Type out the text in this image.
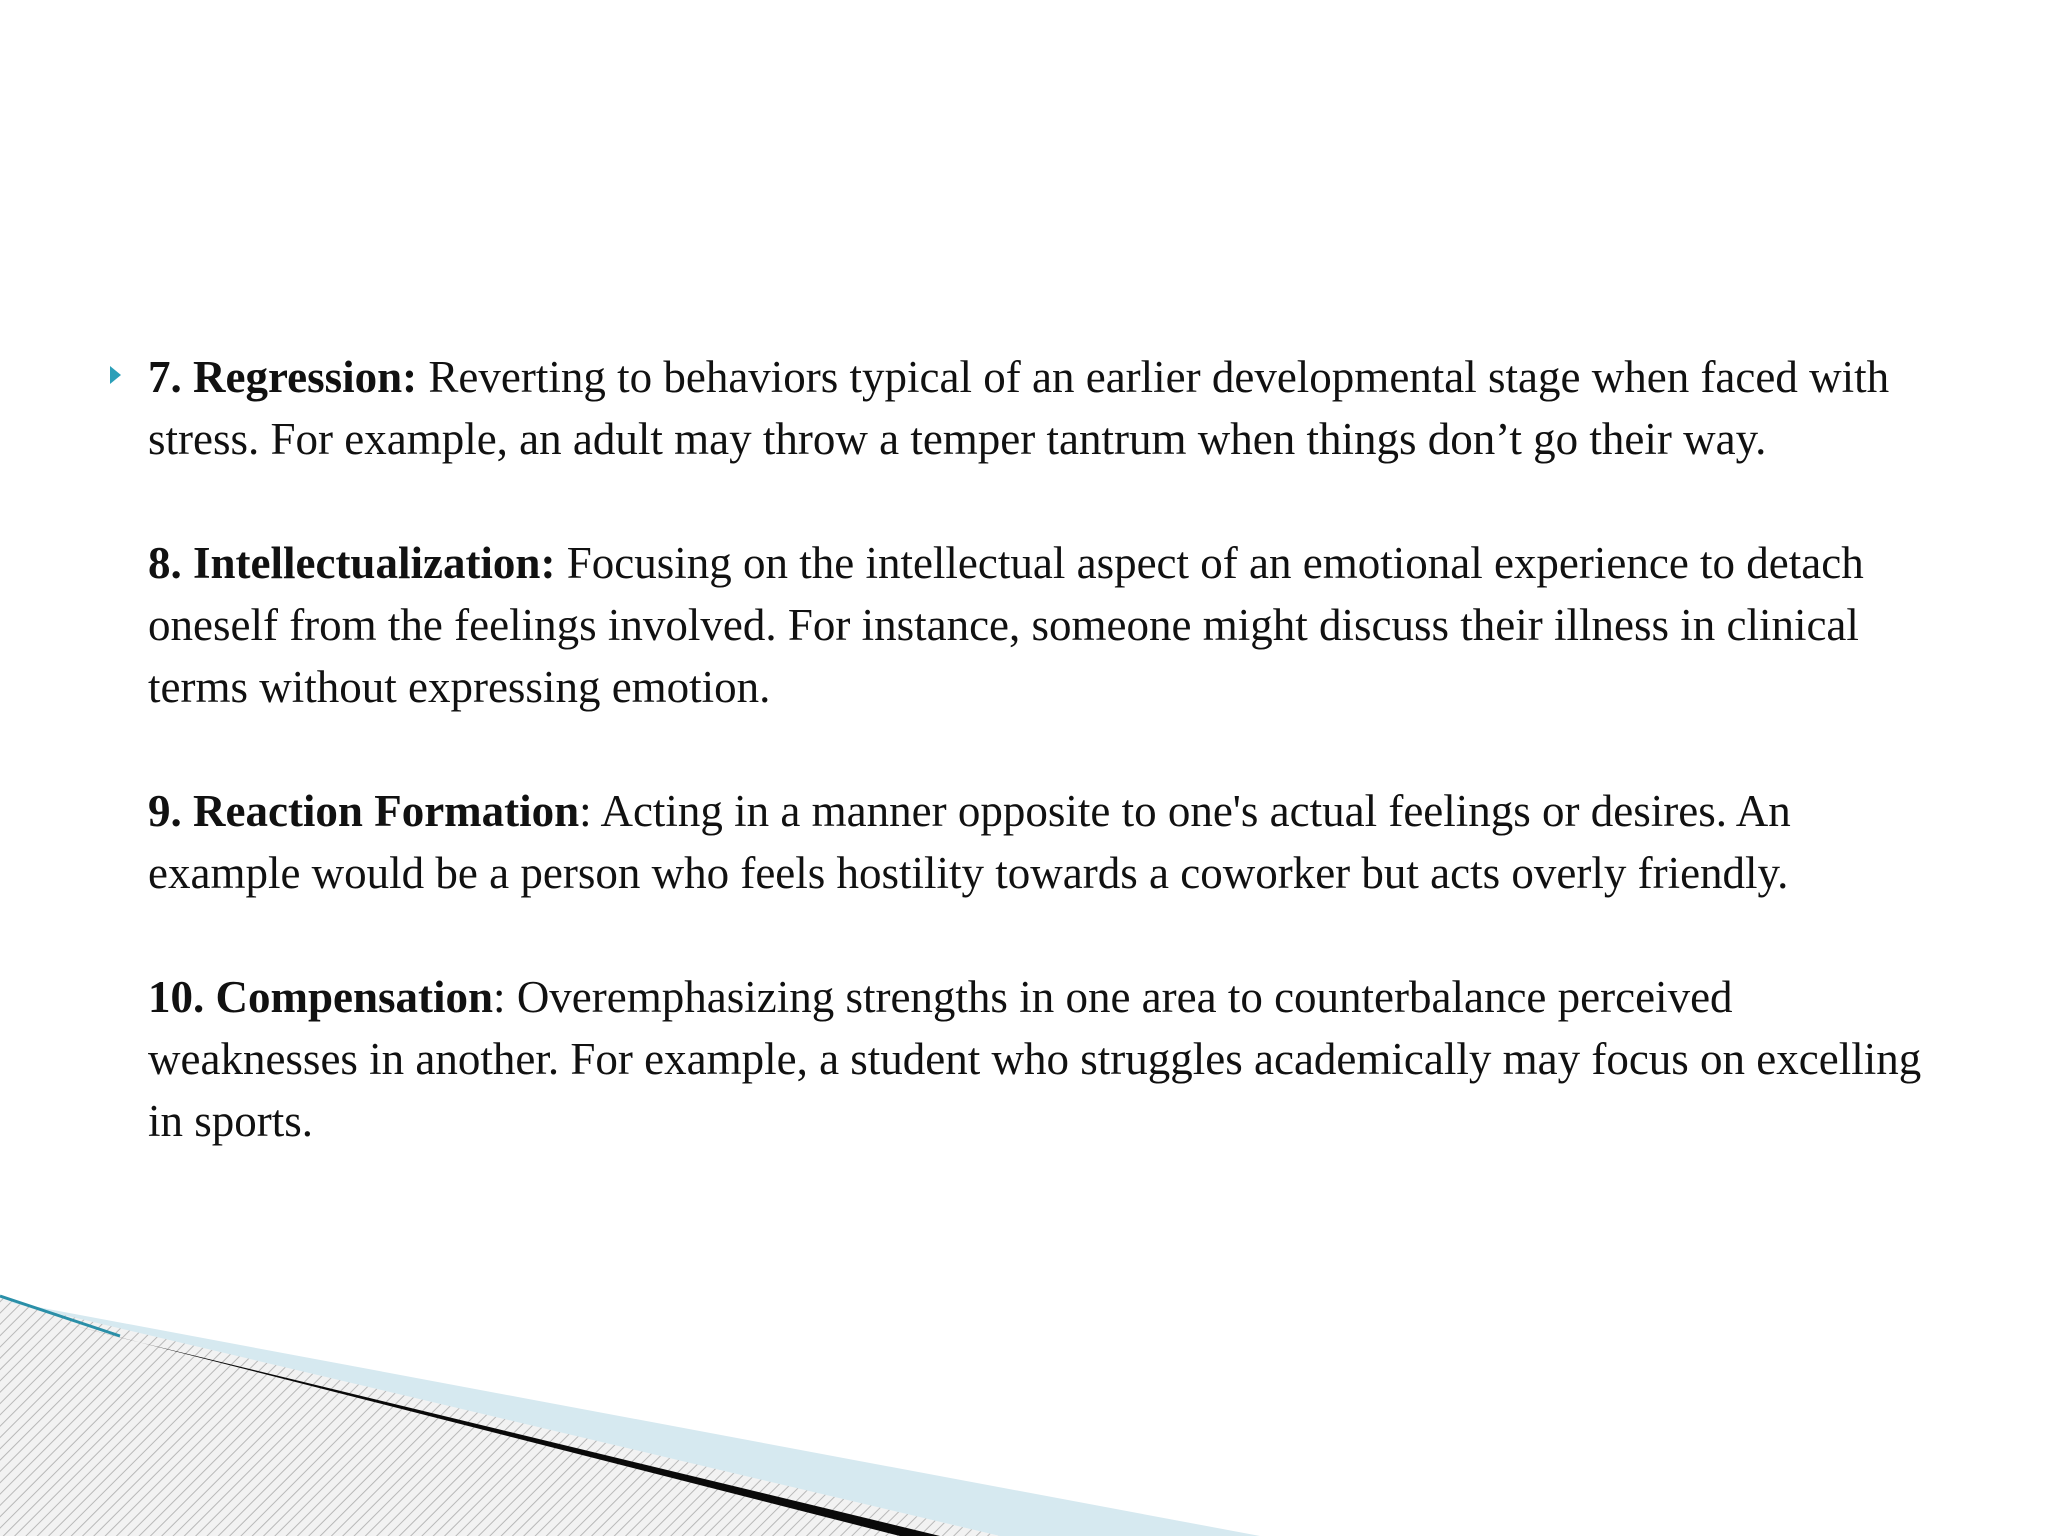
7. Regression: Reverting to behaviors typical of an earlier developmental stage when faced with stress. For example, an adult may throw a temper tantrum when things don’t go their way.

8. Intellectualization: Focusing on the intellectual aspect of an emotional experience to detach oneself from the feelings involved. For instance, someone might discuss their illness in clinical terms without expressing emotion.

9. Reaction Formation: Acting in a manner opposite to one's actual feelings or desires. An example would be a person who feels hostility towards a coworker but acts overly friendly.

10. Compensation: Overemphasizing strengths in one area to counterbalance perceived weaknesses in another. For example, a student who struggles academically may focus on excelling in sports.
